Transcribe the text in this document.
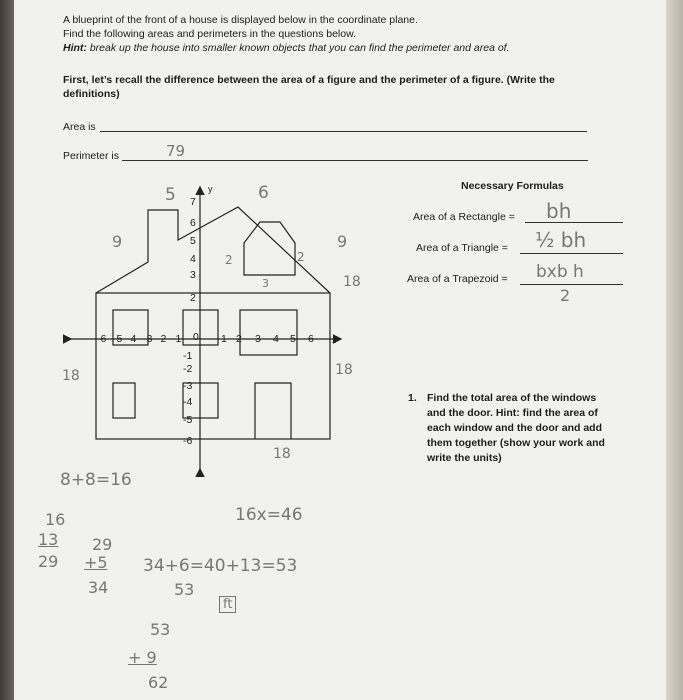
A blueprint of the front of a house is displayed below in the coordinate plane.
Find the following areas and perimeters in the questions below.
Hint: break up the house into smaller known objects that you can find the perimeter and area of.
First, let’s recall the difference between the area of a figure and the perimeter of a figure. (Write the
definitions)
Area is
Perimeter is	79
Necessary Formulas
Area of a Rectangle = bh
Area of a Triangle = ½ bh
Area of a Trapezoid = bxb h
2
1. Find the total area of the windows
and the door. Hint: find the area of
each window and the door and add
them together (show your work and
write the units)
-6 -5 -4 -3 -2 -1 0 1 2 3 4 5 6 x
y
7
6
5
4
3
2
-1
-2
-3
-4
-5
-6
5	6
9	9
2	2
3	18
18	18
18
8+8=16
16x=46
16
13
29
29
+5
34
34+6=40+13=53
53
ft
53
+ 9
62
